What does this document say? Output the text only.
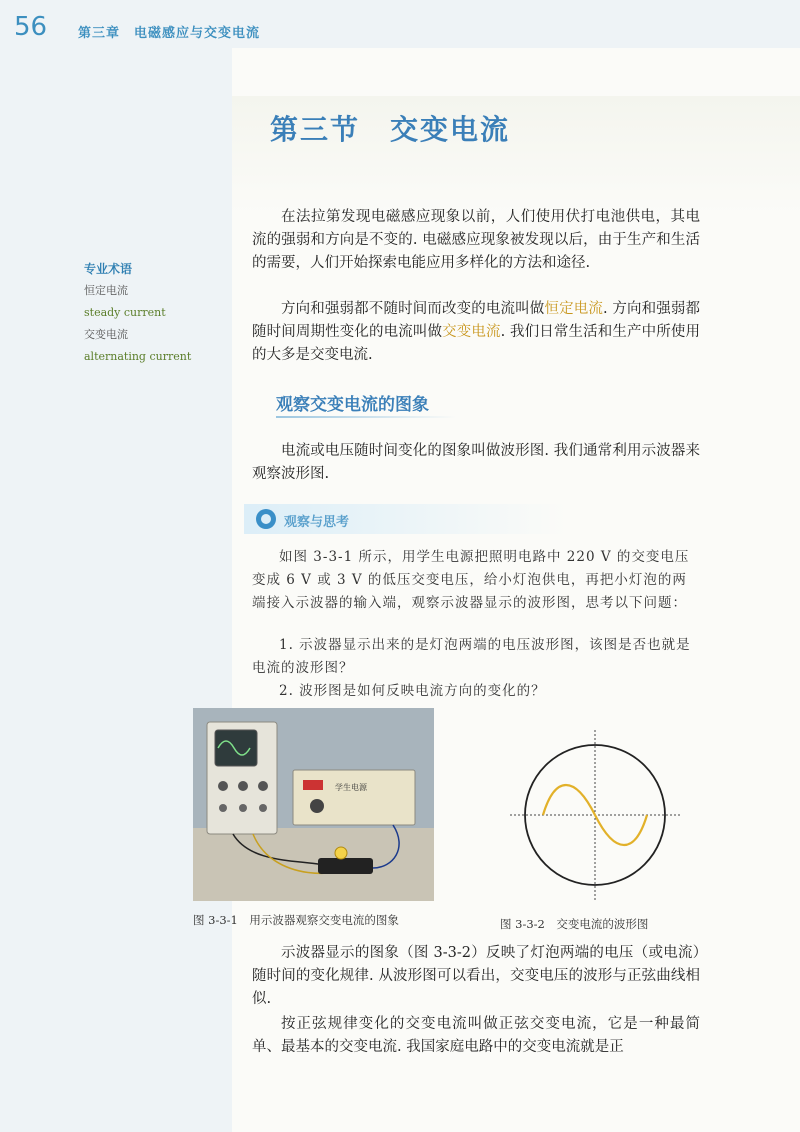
56 第三章　电磁感应与交变电流
第三节　交变电流
专业术语
恒定电流
steady current
交变电流
alternating current

在法拉第发现电磁感应现象以前，人们使用伏打电池供电，其电流的强弱和方向是不变的. 电磁感应现象被发现以后，由于生产和生活的需要，人们开始探索电能应用多样化的方法和途径.

方向和强弱都不随时间而改变的电流叫做恒定电流. 方向和强弱都随时间周期性变化的电流叫做交变电流. 我们日常生活和生产中所使用的大多是交变电流.

观察交变电流的图象

电流或电压随时间变化的图象叫做波形图. 我们通常利用示波器来观察波形图.

观察与思考

如图 3-3-1 所示，用学生电源把照明电路中 220 V 的交变电压变成 6 V 或 3 V 的低压交变电压，给小灯泡供电，再把小灯泡的两端接入示波器的输入端，观察示波器显示的波形图，思考以下问题：

1. 示波器显示出来的是灯泡两端的电压波形图，该图是否也就是电流的波形图？

2. 波形图是如何反映电流方向的变化的？

学生电源
图 3-3-1　用示波器观察交变电流的图象	图 3-3-2　交变电流的波形图

示波器显示的图象（图 3-3-2）反映了灯泡两端的电压（或电流）随时间的变化规律. 从波形图可以看出，交变电压的波形与正弦曲线相似.

按正弦规律变化的交变电流叫做正弦交变电流，它是一种最简单、最基本的交变电流. 我国家庭电路中的交变电流就是正
